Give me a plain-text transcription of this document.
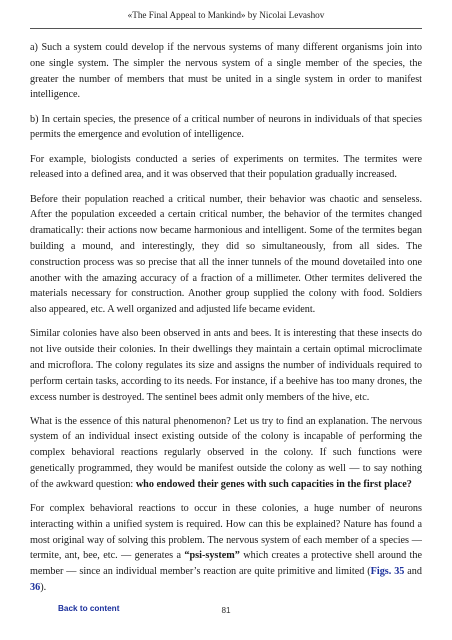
«The Final Appeal to Mankind» by Nicolai Levashov

a) Such a system could develop if the nervous systems of many different organisms join into one single system. The simpler the nervous system of a single member of the species, the greater the number of members that must be united in a single system in order to manifest intelligence.

b) In certain species, the presence of a critical number of neurons in individuals of that species permits the emergence and evolution of intelligence.

For example, biologists conducted a series of experiments on termites. The termites were released into a defined area, and it was observed that their population gradually increased.

Before their population reached a critical number, their behavior was chaotic and senseless. After the population exceeded a certain critical number, the behavior of the termites changed dramatically: their actions now became harmonious and intelligent. Some of the termites began building a mound, and interestingly, they did so simultaneously, from all sides. The construction process was so precise that all the inner tunnels of the mound dovetailed into one another with the amazing accuracy of a fraction of a millimeter. Other termites delivered the materials necessary for construction. Another group supplied the colony with food. Soldiers also appeared, etc. A well organized and adjusted life became evident.

Similar colonies have also been observed in ants and bees. It is interesting that these insects do not live outside their colonies. In their dwellings they maintain a certain optimal microclimate and microflora. The colony regulates its size and assigns the number of individuals required to perform certain tasks, according to its needs. For instance, if a beehive has too many drones, the excess number is destroyed. The sentinel bees admit only members of the hive, etc.

What is the essence of this natural phenomenon? Let us try to find an explanation. The nervous system of an individual insect existing outside of the colony is incapable of performing the complex behavioral reactions regularly observed in the colony. If such functions were genetically programmed, they would be manifest outside the colony as well — to say nothing of the awkward question: who endowed their genes with such capacities in the first place?

For complex behavioral reactions to occur in these colonies, a huge number of neurons interacting within a unified system is required. How can this be explained? Nature has found a most original way of solving this problem. The nervous system of each member of a species — termite, ant, bee, etc. — generates a “psi-system” which creates a protective shell around the member — since an individual member’s reaction are quite primitive and limited (Figs. 35 and 36).

Back to content	81
